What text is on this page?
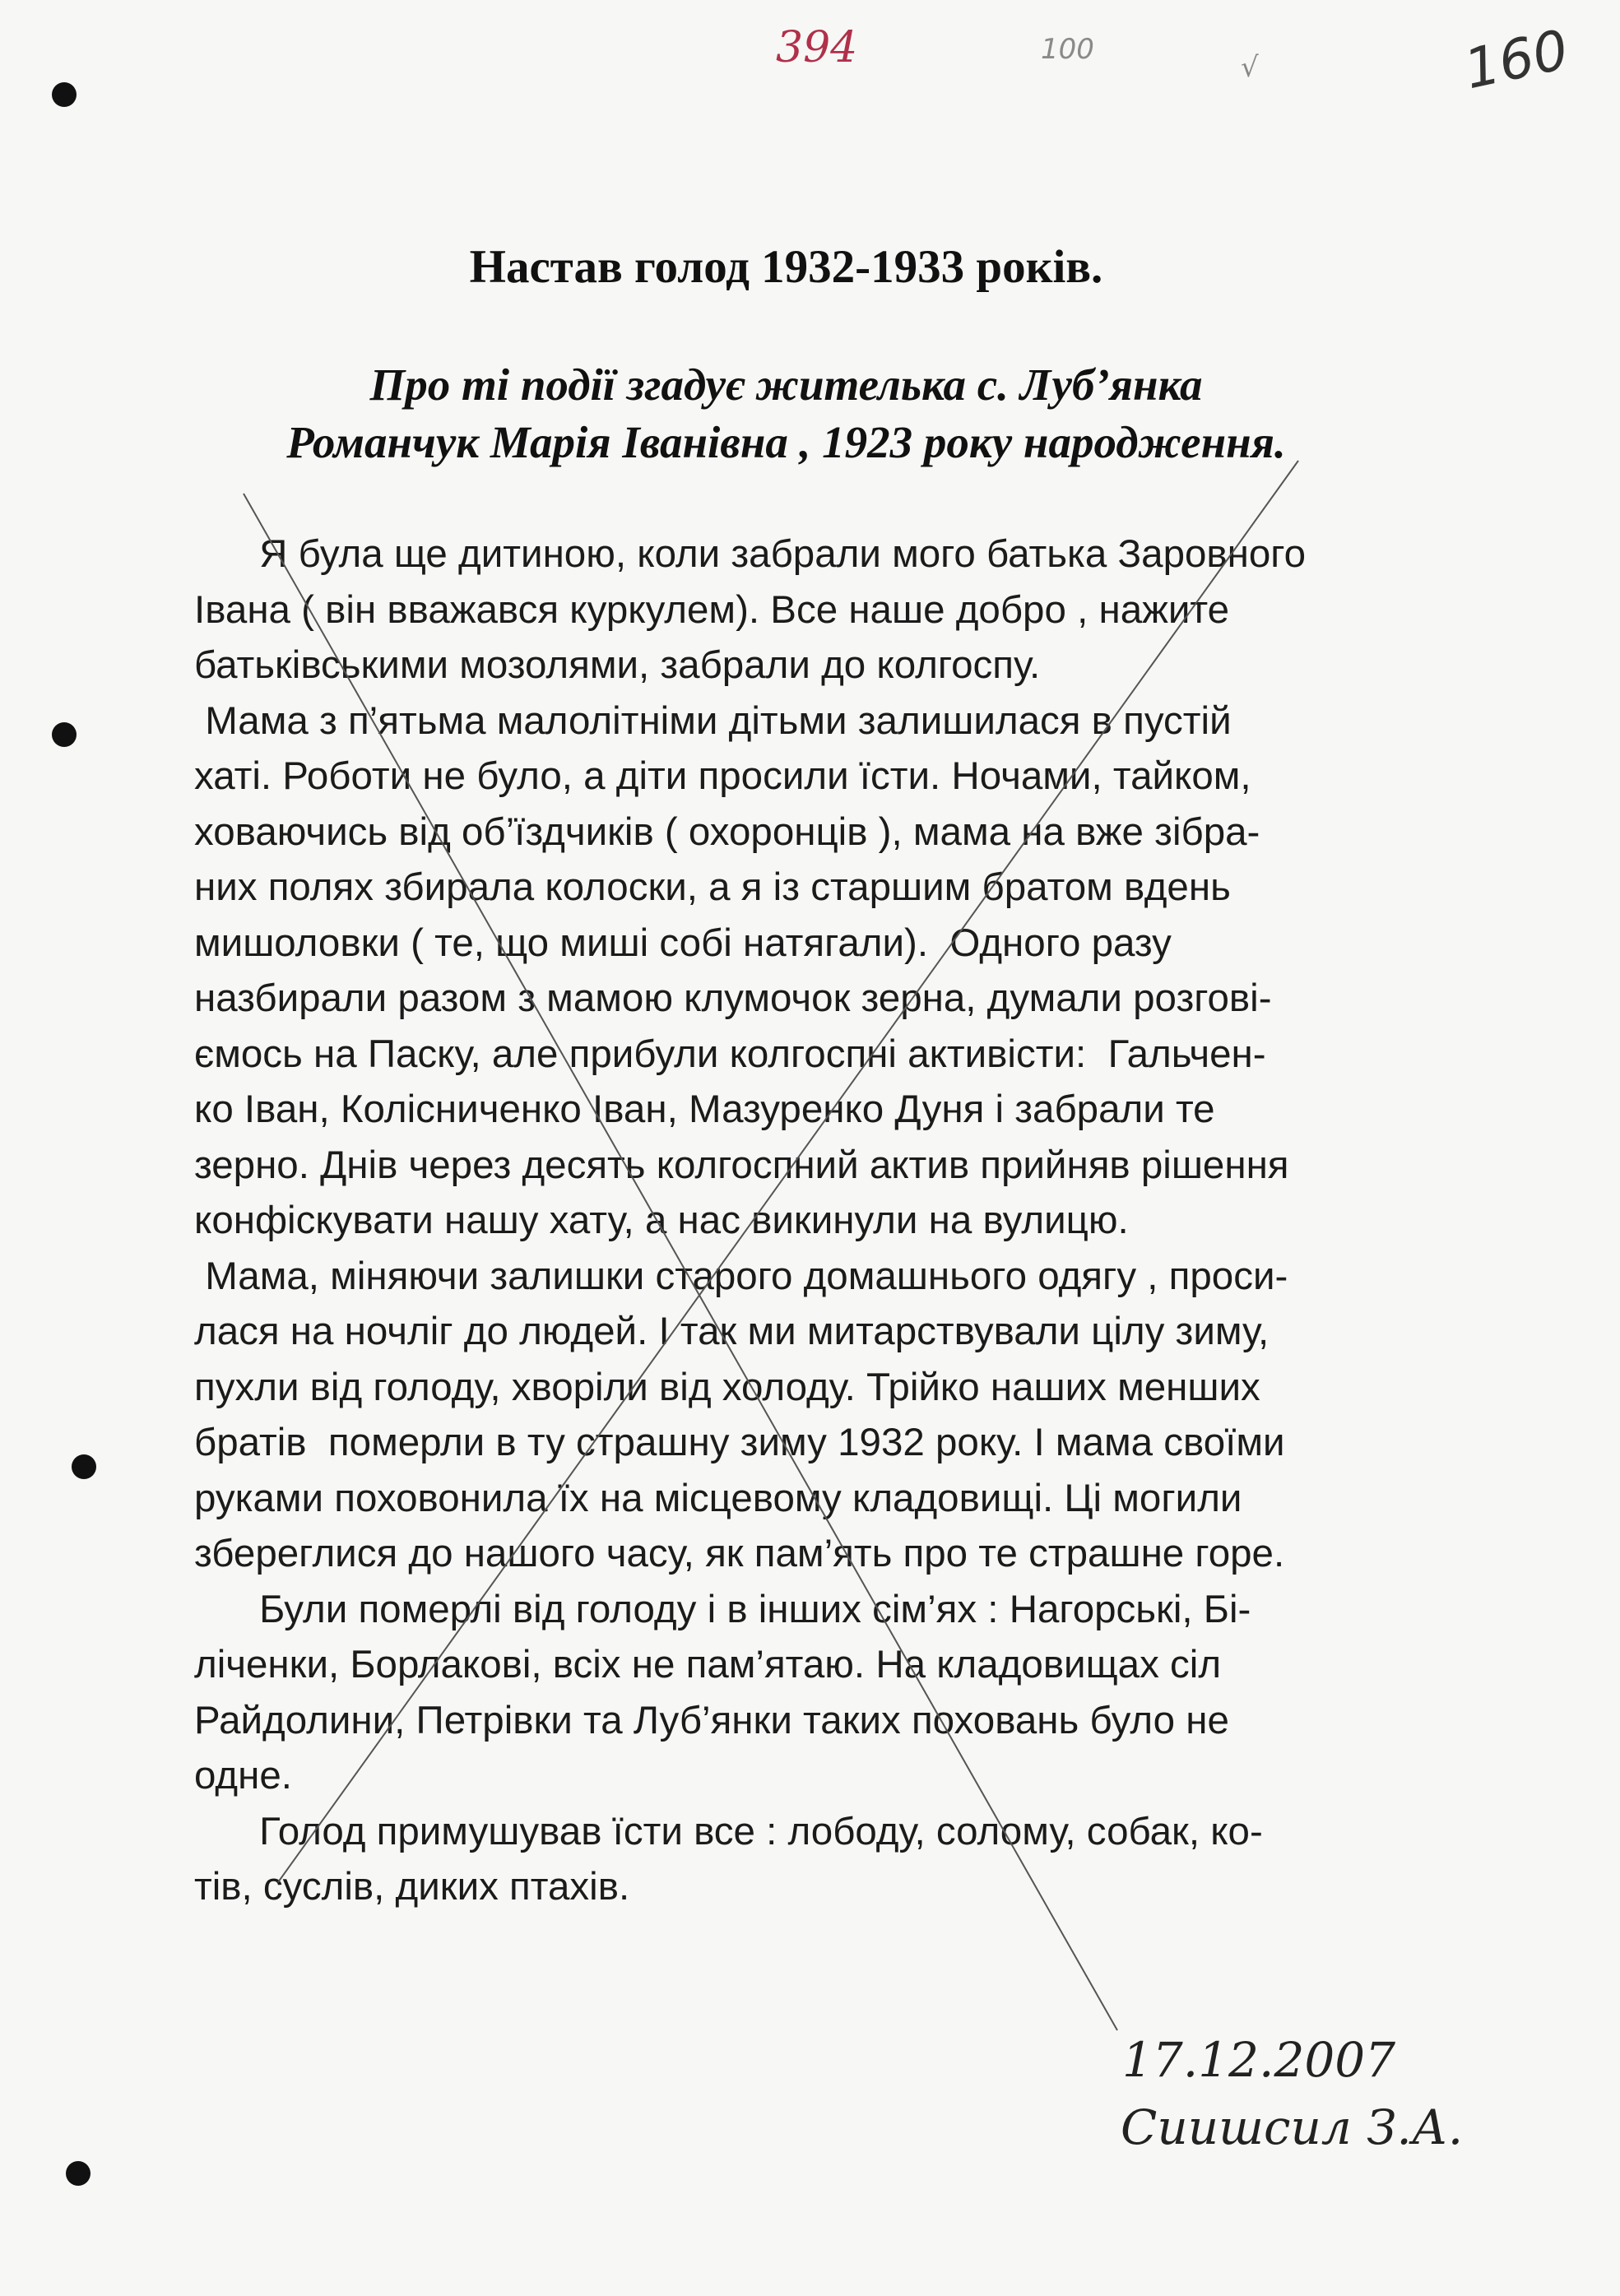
394	100
√	160
Настав голод 1932-1933 років.
Про ті події згадує жителька с. Луб’янка
Романчук Марія Іванівна , 1923 року народження.
Я була ще дитиною, коли забрали мого батька Заровного
Івана ( він вважався куркулем). Все наше добро , нажите
батьківськими мозолями, забрали до колгоспу.
Мама з п’ятьма малолітніми дітьми залишилася в пустій
хаті. Роботи не було, а діти просили їсти. Ночами, тайком,
ховаючись від об’їздчиків ( охоронців ), мама на вже зібра-
них полях збирала колоски, а я із старшим братом вдень
мишоловки ( те, що миші собі натягали).  Одного разу
назбирали разом з мамою клумочок зерна, думали розгові-
ємось на Паску, але прибули колгоспні активісти:  Гальчен-
ко Іван, Колісниченко Іван, Мазуренко Дуня і забрали те
зерно. Днів через десять колгоспний актив прийняв рішення
конфіскувати нашу хату, а нас викинули на вулицю.
Мама, міняючи залишки старого домашнього одягу , проси-
лася на ночліг до людей. І так ми митарствували цілу зиму,
пухли від голоду, хворіли від холоду. Трійко наших менших
братів  померли в ту страшну зиму 1932 року. І мама своїми
руками поховонила їх на місцевому кладовищі. Ці могили
збереглися до нашого часу, як пам’ять про те страшне горе.
Були померлі від голоду і в інших сім’ях : Нагорські, Бі-
ліченки, Борлакові, всіх не пам’ятаю. На кладовищах сіл
Райдолини, Петрівки та Луб’янки таких поховань було не
одне.
Голод примушував їсти все : лободу, солому, собак, ко-
тів, суслів, диких птахів.
17.12.2007
Сиишсил З.А.
